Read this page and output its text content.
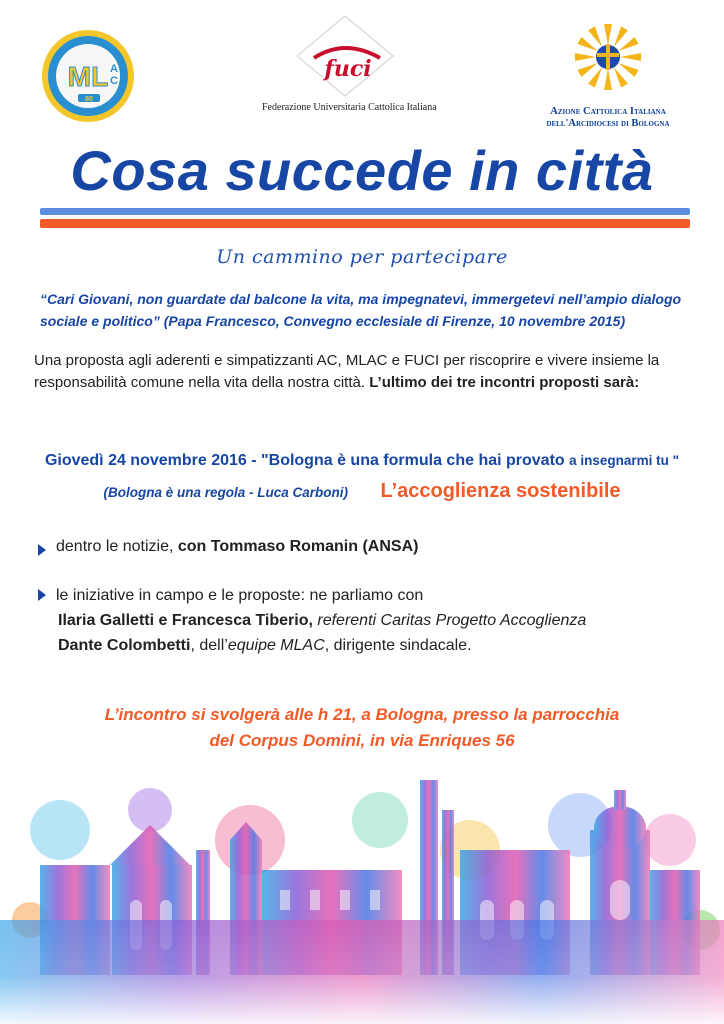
ML A
C
80
fuci
Federazione Universitaria Cattolica Italiana	Azione Cattolica Italiana
dell'Arcidiocesi di Bologna
Cosa succede in città
Un cammino per partecipare
“Cari Giovani, non guardate dal balcone la vita, ma impegnatevi, immergetevi nell’ampio dialogo sociale e politico” (Papa Francesco, Convegno ecclesiale di Firenze, 10 novembre 2015)
Una proposta agli aderenti e simpatizzanti AC, MLAC e FUCI per riscoprire e vivere insieme la responsabilità comune nella vita della nostra città. L’ultimo dei tre incontri proposti sarà:
Giovedì 24 novembre 2016 - "Bologna è una formula che hai provato a insegnarmi tu "
(Bologna è una regola - Luca Carboni) L’accoglienza sostenibile
dentro le notizie, con Tommaso Romanin (ANSA)
le iniziative in campo e le proposte: ne parliamo con
Ilaria Galletti e Francesca Tiberio, referenti Caritas Progetto Accoglienza
Dante Colombetti, dell’equipe MLAC, dirigente sindacale.
L’incontro si svolgerà alle h 21, a Bologna, presso la parrocchia
del Corpus Domini, in via Enriques 56
